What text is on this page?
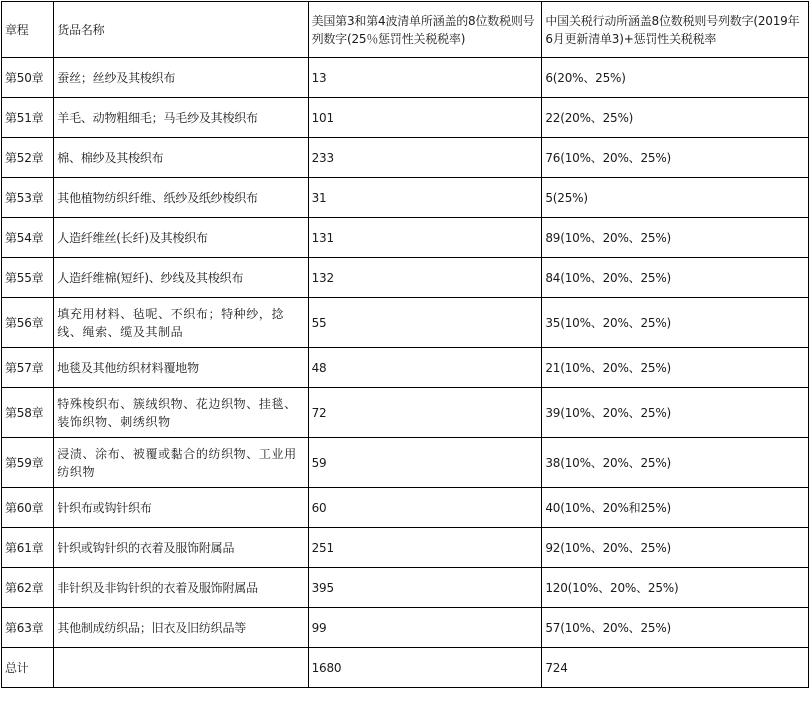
章程	货品名称	美国第3和第4波清单所涵盖的8位数税则号列数字(25％惩罚性关税税率)	中国关税行动所涵盖8位数税则号列数字(2019年6月更新清单3)+惩罚性关税税率
第50章	蚕丝；丝纱及其梭织布	13	6(20%、25%)
第51章	羊毛、动物粗细毛；马毛纱及其梭织布	101	22(20%、25%)
第52章	棉、棉纱及其梭织布	233	76(10%、20%、25%)
第53章	其他植物纺织纤维、纸纱及纸纱梭织布	31	5(25%)
第54章	人造纤维丝(长纤)及其梭织布	131	89(10%、20%、25%)
第55章	人造纤维棉(短纤)、纱线及其梭织布	132	84(10%、20%、25%)
第56章	填充用材料、毡呢、不织布；特种纱，捻线、绳索、缆及其制品	55	35(10%、20%、25%)
第57章	地毯及其他纺织材料覆地物	48	21(10%、20%、25%)
第58章	特殊梭织布、簇绒织物、花边织物、挂毯、装饰织物、刺绣织物	72	39(10%、20%、25%)
第59章	浸渍、涂布、被覆或黏合的纺织物、工业用纺织物	59	38(10%、20%、25%)
第60章	针织布或钩针织布	60	40(10%、20%和25%)
第61章	针织或钩针织的衣着及服饰附属品	251	92(10%、20%、25%)
第62章	非针织及非钩针织的衣着及服饰附属品	395	120(10%、20%、25%)
第63章	其他制成纺织品；旧衣及旧纺织品等	99	57(10%、20%、25%)
总计		1680	724
